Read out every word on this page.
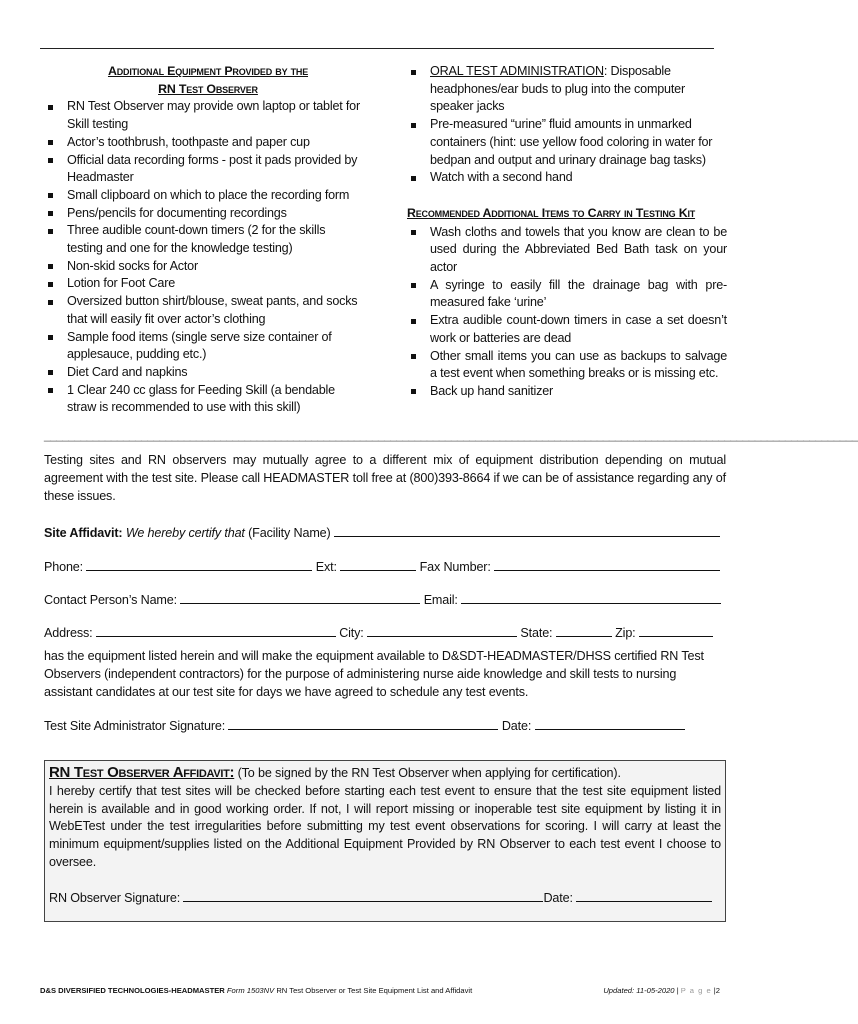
Additional Equipment Provided by the
RN Test Observer
RN Test Observer may provide own laptop or tablet for Skill testing
Actor’s toothbrush, toothpaste and paper cup
Official data recording forms - post it pads provided by Headmaster
Small clipboard on which to place the recording form
Pens/pencils for documenting recordings
Three audible count-down timers (2 for the skills testing and one for the knowledge testing)
Non-skid socks for Actor
Lotion for Foot Care
Oversized button shirt/blouse, sweat pants, and socks that will easily fit over actor’s clothing
Sample food items (single serve size container of applesauce, pudding etc.)
Diet Card and napkins
1 Clear 240 cc glass for Feeding Skill (a bendable straw is recommended to use with this skill)
ORAL TEST ADMINISTRATION: Disposable headphones/ear buds to plug into the computer speaker jacks
Pre-measured “urine” fluid amounts in unmarked containers (hint: use yellow food coloring in water for bedpan and output and urinary drainage bag tasks)
Watch with a second hand
Recommended Additional Items to Carry in Testing Kit
Wash cloths and towels that you know are clean to be used during the Abbreviated Bed Bath task on your actor
A syringe to easily fill the drainage bag with pre-measured fake ‘urine’
Extra audible count-down timers in case a set doesn’t work or batteries are dead
Other small items you can use as backups to salvage a test event when something breaks or is missing etc.
Back up hand sanitizer
______________________________________________________________________________________________________________________________________
Testing sites and RN observers may mutually agree to a different mix of equipment distribution depending on mutual agreement with the test site. Please call HEADMASTER toll free at (800)393-8664 if we can be of assistance regarding any of these issues.
Site Affidavit: We hereby certify that (Facility Name)
Phone:	Ext:	Fax Number:
Contact Person’s Name:	Email:
Address:	City:	State:	Zip:
has the equipment listed herein and will make the equipment available to D&SDT-HEADMASTER/DHSS certified RN Test Observers (independent contractors) for the purpose of administering nurse aide knowledge and skill tests to nursing assistant candidates at our test site for days we have agreed to schedule any test events.
Test Site Administrator Signature:	Date:
RN Test Observer Affidavit: (To be signed by the RN Test Observer when applying for certification).
I hereby certify that test sites will be checked before starting each test event to ensure that the test site equipment listed herein is available and in good working order. If not, I will report missing or inoperable test site equipment by listing it in WebETest under the test irregularities before submitting my test event observations for scoring. I will carry at least the minimum equipment/supplies listed on the Additional Equipment Provided by RN Observer to each test event I choose to oversee.
RN Observer Signature:	Date:
D&S DIVERSIFIED TECHNOLOGIES-HEADMASTER Form 1503NV RN Test Observer or Test Site Equipment List and Affidavit	Updated: 11-05-2020 | P a g e |2
